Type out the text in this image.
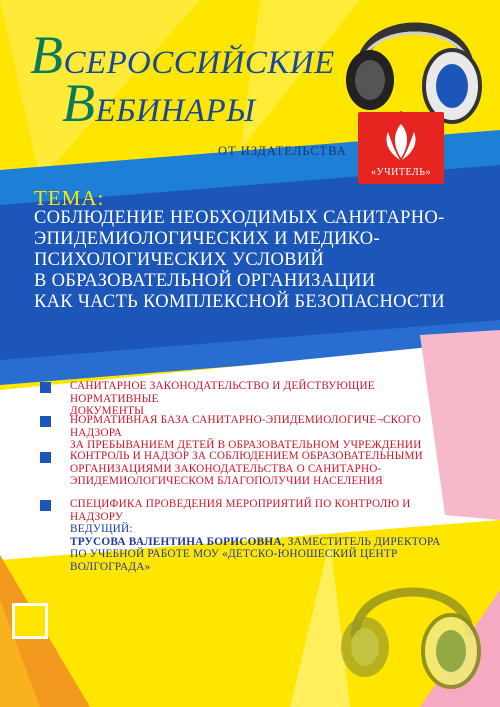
ВСЕРОССИЙСКИЕ
ВЕБИНАРЫ
ОТ ИЗДАТЕЛЬСТВА
«УЧИТЕЛЬ»
ТЕМА:
СОБЛЮДЕНИЕ НЕОБХОДИМЫХ САНИТАРНО-
ЭПИДЕМИОЛОГИЧЕСКИХ И МЕДИКО-
ПСИХОЛОГИЧЕСКИХ УСЛОВИЙ
В ОБРАЗОВАТЕЛЬНОЙ ОРГАНИЗАЦИИ
КАК ЧАСТЬ КОМПЛЕКСНОЙ БЕЗОПАСНОСТИ
САНИТАРНОЕ ЗАКОНОДАТЕЛЬСТВО И ДЕЙСТВУЮЩИЕ НОРМАТИВНЫЕ
ДОКУМЕНТЫ
НОРМАТИВНАЯ БАЗА САНИТАРНО-ЭПИДЕМИОЛОГИЧЕ¬СКОГО НАДЗОРА
ЗА ПРЕБЫВАНИЕМ ДЕТЕЙ В ОБРАЗОВАТЕЛЬНОМ УЧРЕЖДЕНИИ
КОНТРОЛЬ И НАДЗОР ЗА СОБЛЮДЕНИЕМ ОБРАЗОВАТЕЛЬНЫМИ
ОРГАНИЗАЦИЯМИ ЗАКОНОДАТЕЛЬСТВА О САНИТАРНО-
ЭПИДЕМИОЛОГИЧЕСКОМ БЛАГОПОЛУЧИИ НАСЕЛЕНИЯ
СПЕЦИФИКА ПРОВЕДЕНИЯ МЕРОПРИЯТИЙ ПО КОНТРОЛЮ И НАДЗОРУ
ВЕДУЩИЙ:
ТРУСОВА ВАЛЕНТИНА БОРИСОВНА, ЗАМЕСТИТЕЛЬ ДИРЕКТОРА
ПО УЧЕБНОЙ РАБОТЕ МОУ «ДЕТСКО-ЮНОШЕСКИЙ ЦЕНТР
ВОЛГОГРАДА»
